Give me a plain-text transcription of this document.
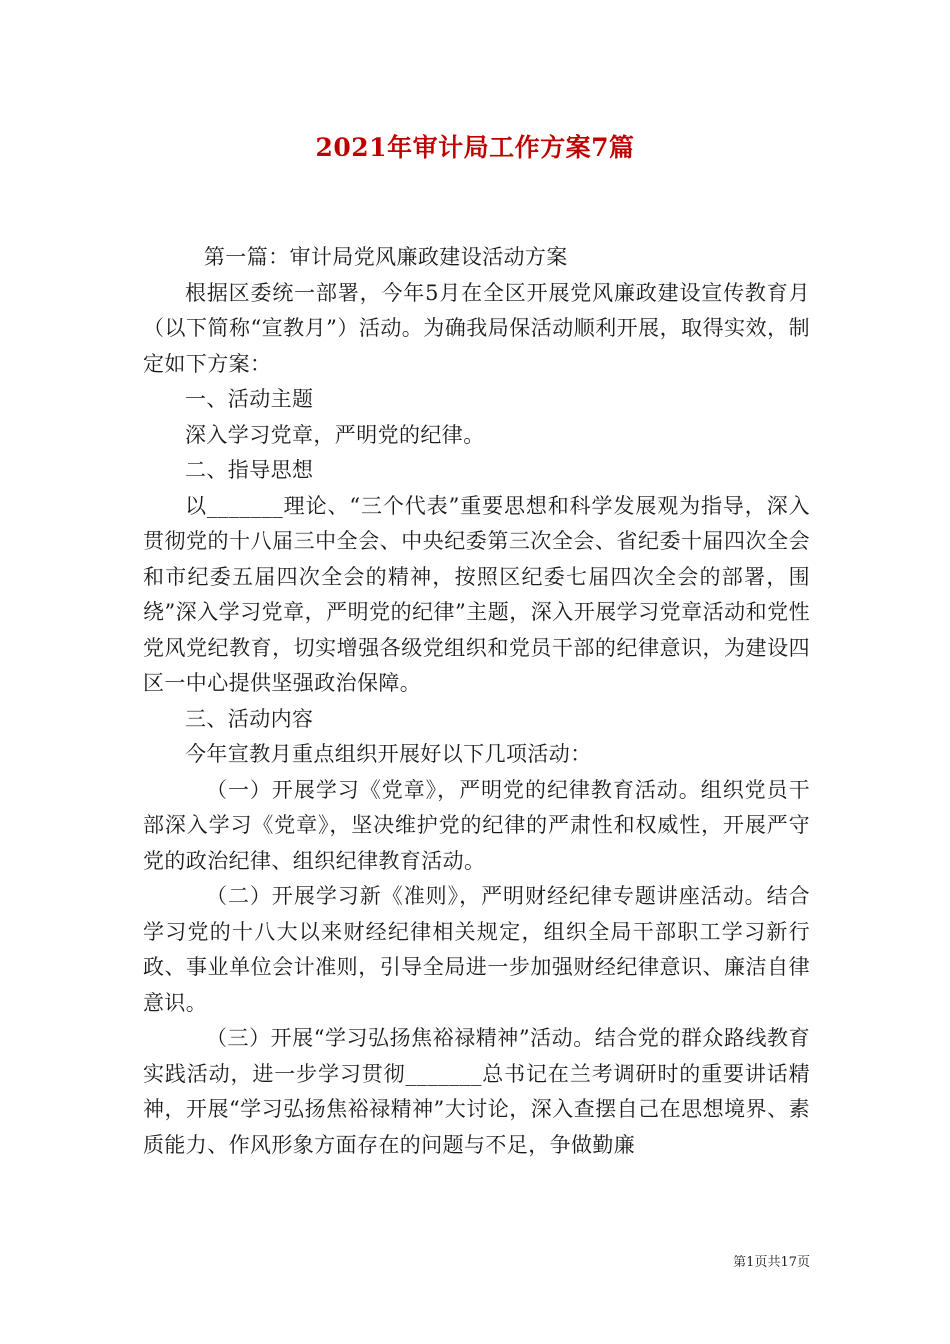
2021年审计局工作方案7篇

第一篇：审计局党风廉政建设活动方案

根据区委统一部署，今年5月在全区开展党风廉政建设宣传教育月（以下简称“宣教月”）活动。为确我局保活动顺利开展，取得实效，制定如下方案：

一、活动主题

深入学习党章，严明党的纪律。

二、指导思想

以_______理论、“三个代表”重要思想和科学发展观为指导，深入贯彻党的十八届三中全会、中央纪委第三次全会、省纪委十届四次全会和市纪委五届四次全会的精神，按照区纪委七届四次全会的部署，围绕”深入学习党章，严明党的纪律”主题，深入开展学习党章活动和党性党风党纪教育，切实增强各级党组织和党员干部的纪律意识，为建设四区一中心提供坚强政治保障。

三、活动内容

今年宣教月重点组织开展好以下几项活动：

（一）开展学习《党章》，严明党的纪律教育活动。组织党员干部深入学习《党章》，坚决维护党的纪律的严肃性和权威性，开展严守党的政治纪律、组织纪律教育活动。

（二）开展学习新《准则》，严明财经纪律专题讲座活动。结合学习党的十八大以来财经纪律相关规定，组织全局干部职工学习新行政、事业单位会计准则，引导全局进一步加强财经纪律意识、廉洁自律意识。

（三）开展“学习弘扬焦裕禄精神”活动。结合党的群众路线教育实践活动，进一步学习贯彻_______总书记在兰考调研时的重要讲话精神，开展“学习弘扬焦裕禄精神”大讨论，深入查摆自己在思想境界、素质能力、作风形象方面存在的问题与不足，争做勤廉

第1页共17页
